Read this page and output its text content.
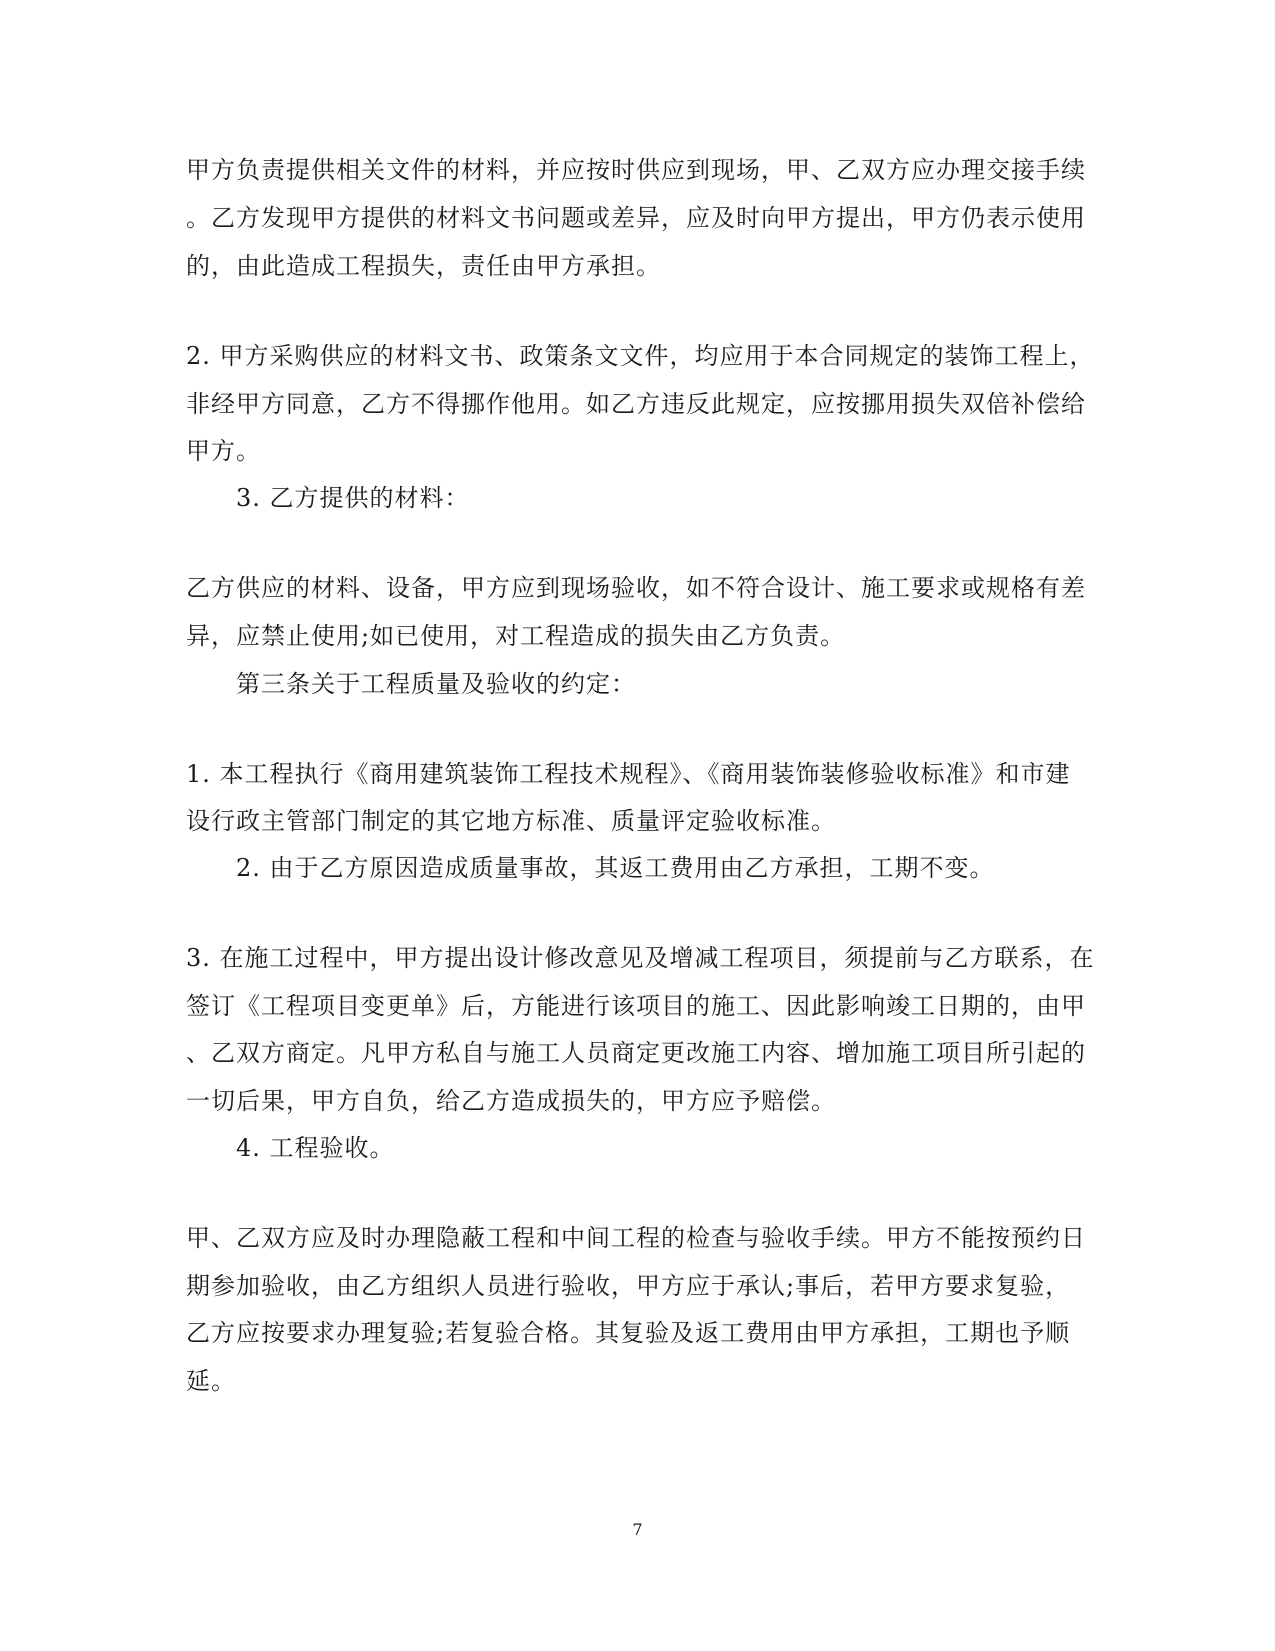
甲方负责提供相关文件的材料，并应按时供应到现场，甲、乙双方应办理交接手续
。乙方发现甲方提供的材料文书问题或差异，应及时向甲方提出，甲方仍表示使用
的，由此造成工程损失，责任由甲方承担。
2. 甲方采购供应的材料文书、政策条文文件，均应用于本合同规定的装饰工程上，
非经甲方同意，乙方不得挪作他用。如乙方违反此规定，应按挪用损失双倍补偿给
甲方。
3. 乙方提供的材料：
乙方供应的材料、设备，甲方应到现场验收，如不符合设计、施工要求或规格有差
异，应禁止使用;如已使用，对工程造成的损失由乙方负责。
第三条关于工程质量及验收的约定：
1. 本工程执行《商用建筑装饰工程技术规程》、《商用装饰装修验收标准》和市建
设行政主管部门制定的其它地方标准、质量评定验收标准。
2. 由于乙方原因造成质量事故，其返工费用由乙方承担，工期不变。
3. 在施工过程中，甲方提出设计修改意见及增减工程项目，须提前与乙方联系，在
签订《工程项目变更单》后，方能进行该项目的施工、因此影响竣工日期的，由甲
、乙双方商定。凡甲方私自与施工人员商定更改施工内容、增加施工项目所引起的
一切后果，甲方自负，给乙方造成损失的，甲方应予赔偿。
4. 工程验收。
甲、乙双方应及时办理隐蔽工程和中间工程的检查与验收手续。甲方不能按预约日
期参加验收，由乙方组织人员进行验收，甲方应于承认;事后，若甲方要求复验，
乙方应按要求办理复验;若复验合格。其复验及返工费用由甲方承担，工期也予顺
延。
7
